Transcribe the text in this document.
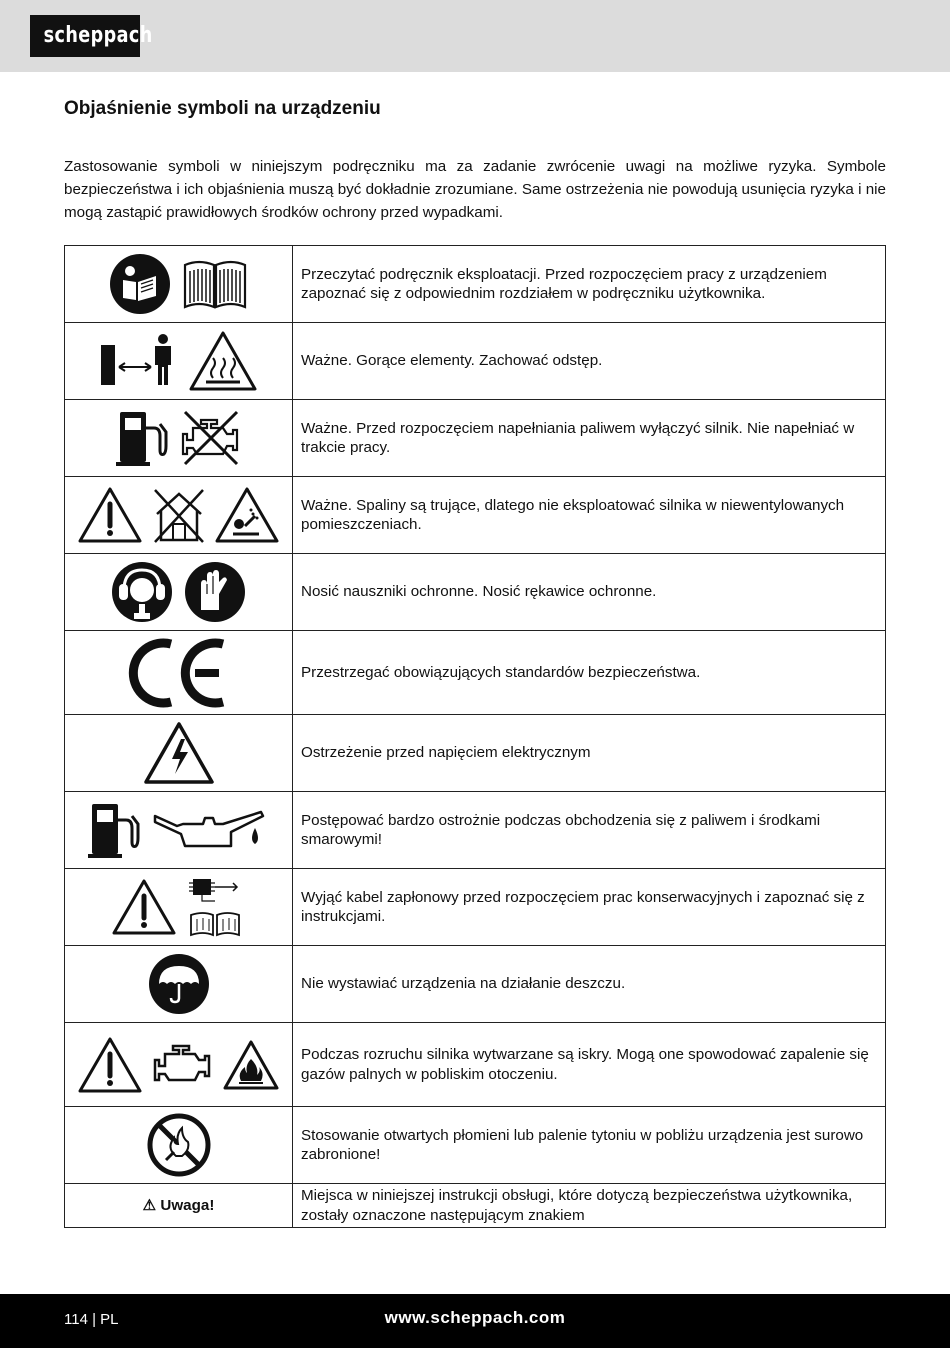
scheppach
Objaśnienie symboli na urządzeniu

Zastosowanie symboli w niniejszym podręczniku ma za zadanie zwrócenie uwagi na możliwe ryzyka. Symbole bezpieczeństwa i ich objaśnienia muszą być dokładnie zrozumiane. Same ostrzeżenia nie powodują usunięcia ryzyka i nie mogą zastąpić prawidłowych środków ochrony przed wypadkami.

	Przeczytać podręcznik eksploatacji. Przed rozpoczęciem pracy z urządzeniem zapoznać się z odpowiednim rozdziałem w podręczniku użytkownika.
	Ważne. Gorące elementy. Zachować odstęp.
	Ważne. Przed rozpoczęciem napełniania paliwem wyłączyć silnik. Nie napełniać w trakcie pracy.
	Ważne. Spaliny są trujące, dlatego nie eksploatować silnika w niewentylowanych pomieszczeniach.
	Nosić nauszniki ochronne. Nosić rękawice ochronne.
	Przestrzegać obowiązujących standardów bezpieczeństwa.
	Ostrzeżenie przed napięciem elektrycznym
	Postępować bardzo ostrożnie podczas obchodzenia się z paliwem i środkami smarowymi!
	Wyjąć kabel zapłonowy przed rozpoczęciem prac konserwacyjnych i zapoznać się z instrukcjami.
	Nie wystawiać urządzenia na działanie deszczu.
	Podczas rozruchu silnika wytwarzane są iskry. Mogą one spowodować zapalenie się gazów palnych w pobliskim otoczeniu.
	Stosowanie otwartych płomieni lub palenie tytoniu w pobliżu urządzenia jest surowo zabronione!
⚠ Uwaga!	Miejsca w niniejszej instrukcji obsługi, które dotyczą bezpieczeństwa użytkownika, zostały oznaczone następującym znakiem
114 | PL	www.scheppach.com
